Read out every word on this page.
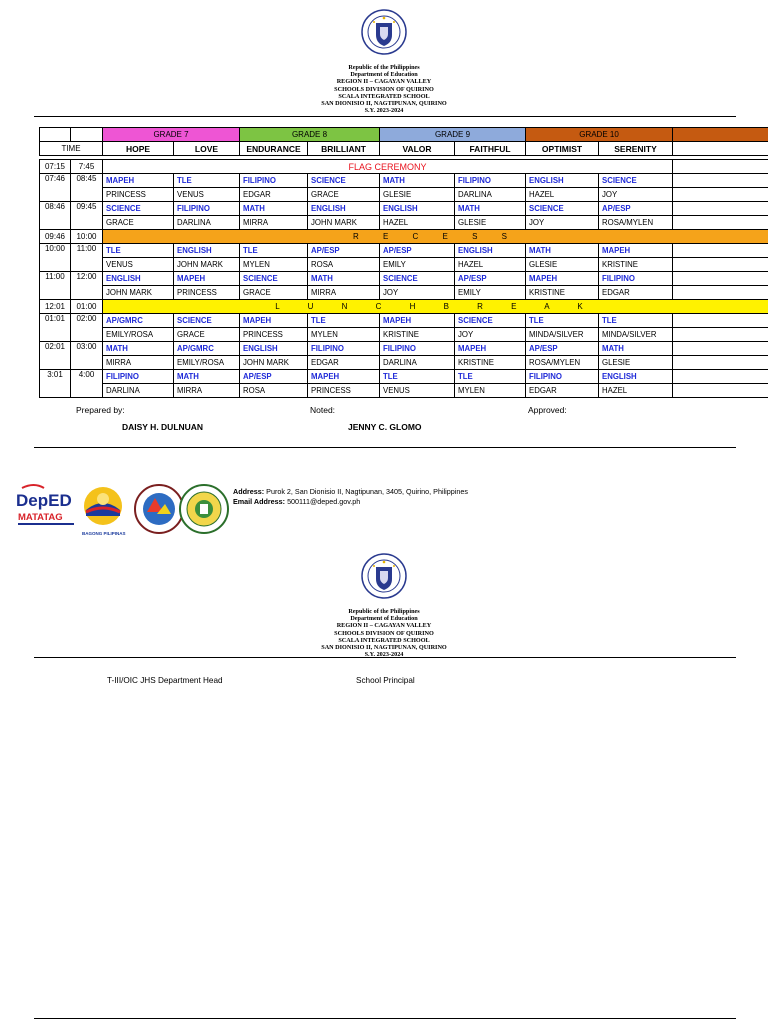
Republic of the Philippines
Department of Education
REGION II – CAGAYAN VALLEY
SCHOOLS DIVISION OF QUIRINO
SCALA INTEGRATED SCHOOL
SAN DIONISIO II, NAGTIPUNAN, QUIRINO
S.Y. 2023-2024
		GRADE 7		GRADE 8		GRADE 9		GRADE 10		
TIME		HOPE	LOVE	ENDURANCE	BRILLIANT	VALOR	FAITHFUL	OPTIMIST	SERENITY	

07:15	7:45	FLAG CEREMONY								
07:46	08:45	MAPEH	TLE	FILIPINO	SCIENCE	MATH	FILIPINO	ENGLISH	SCIENCE	
		PRINCESS	VENUS	EDGAR	GRACE	GLESIE	DARLINA	HAZEL	JOY	
08:46	09:45	SCIENCE	FILIPINO	MATH	ENGLISH	ENGLISH	MATH	SCIENCE	AP/ESP	
		GRACE	DARLINA	MIRRA	JOHN MARK	HAZEL	GLESIE	JOY	ROSA/MYLEN	
09:46	10:00	R E C E S S								
10:00	11:00	TLE	ENGLISH	TLE	AP/ESP	AP/ESP	ENGLISH	MATH	MAPEH	
		VENUS	JOHN MARK	MYLEN	ROSA	EMILY	HAZEL	GLESIE	KRISTINE	
11:00	12:00	ENGLISH	MAPEH	SCIENCE	MATH	SCIENCE	AP/ESP	MAPEH	FILIPINO	
		JOHN MARK	PRINCESS	GRACE	MIRRA	JOY	EMILY	KRISTINE	EDGAR	
12:01	01:00	L U N C H B R E A K								
01:01	02:00	AP/GMRC	SCIENCE	MAPEH	TLE	MAPEH	SCIENCE	TLE	TLE	
		EMILY/ROSA	GRACE	PRINCESS	MYLEN	KRISTINE	JOY	MINDA/SILVER	MINDA/SILVER	
02:01	03:00	MATH	AP/GMRC	ENGLISH	FILIPINO	FILIPINO	MAPEH	AP/ESP	MATH	
		MIRRA	EMILY/ROSA	JOHN MARK	EDGAR	DARLINA	KRISTINE	ROSA/MYLEN	GLESIE	
3:01	4:00	FILIPINO	MATH	AP/ESP	MAPEH	TLE	TLE	FILIPINO	ENGLISH	
		DARLINA	MIRRA	ROSA	PRINCESS	VENUS	MYLEN	EDGAR	HAZEL	
Prepared by:	Noted:	Approved:
DAISY H. DULNUAN	JENNY C. GLOMO
DepED
MATATAG
BAGONG PILIPINAS
Address: Purok 2, San Dionisio II, Nagtipunan, 3405, Quirino, Philippines
Email Address: 500111@deped.gov.ph
Republic of the Philippines
Department of Education
REGION II – CAGAYAN VALLEY
SCHOOLS DIVISION OF QUIRINO
SCALA INTEGRATED SCHOOL
SAN DIONISIO II, NAGTIPUNAN, QUIRINO
S.Y. 2023-2024
T-III/OIC JHS Department Head	School Principal
